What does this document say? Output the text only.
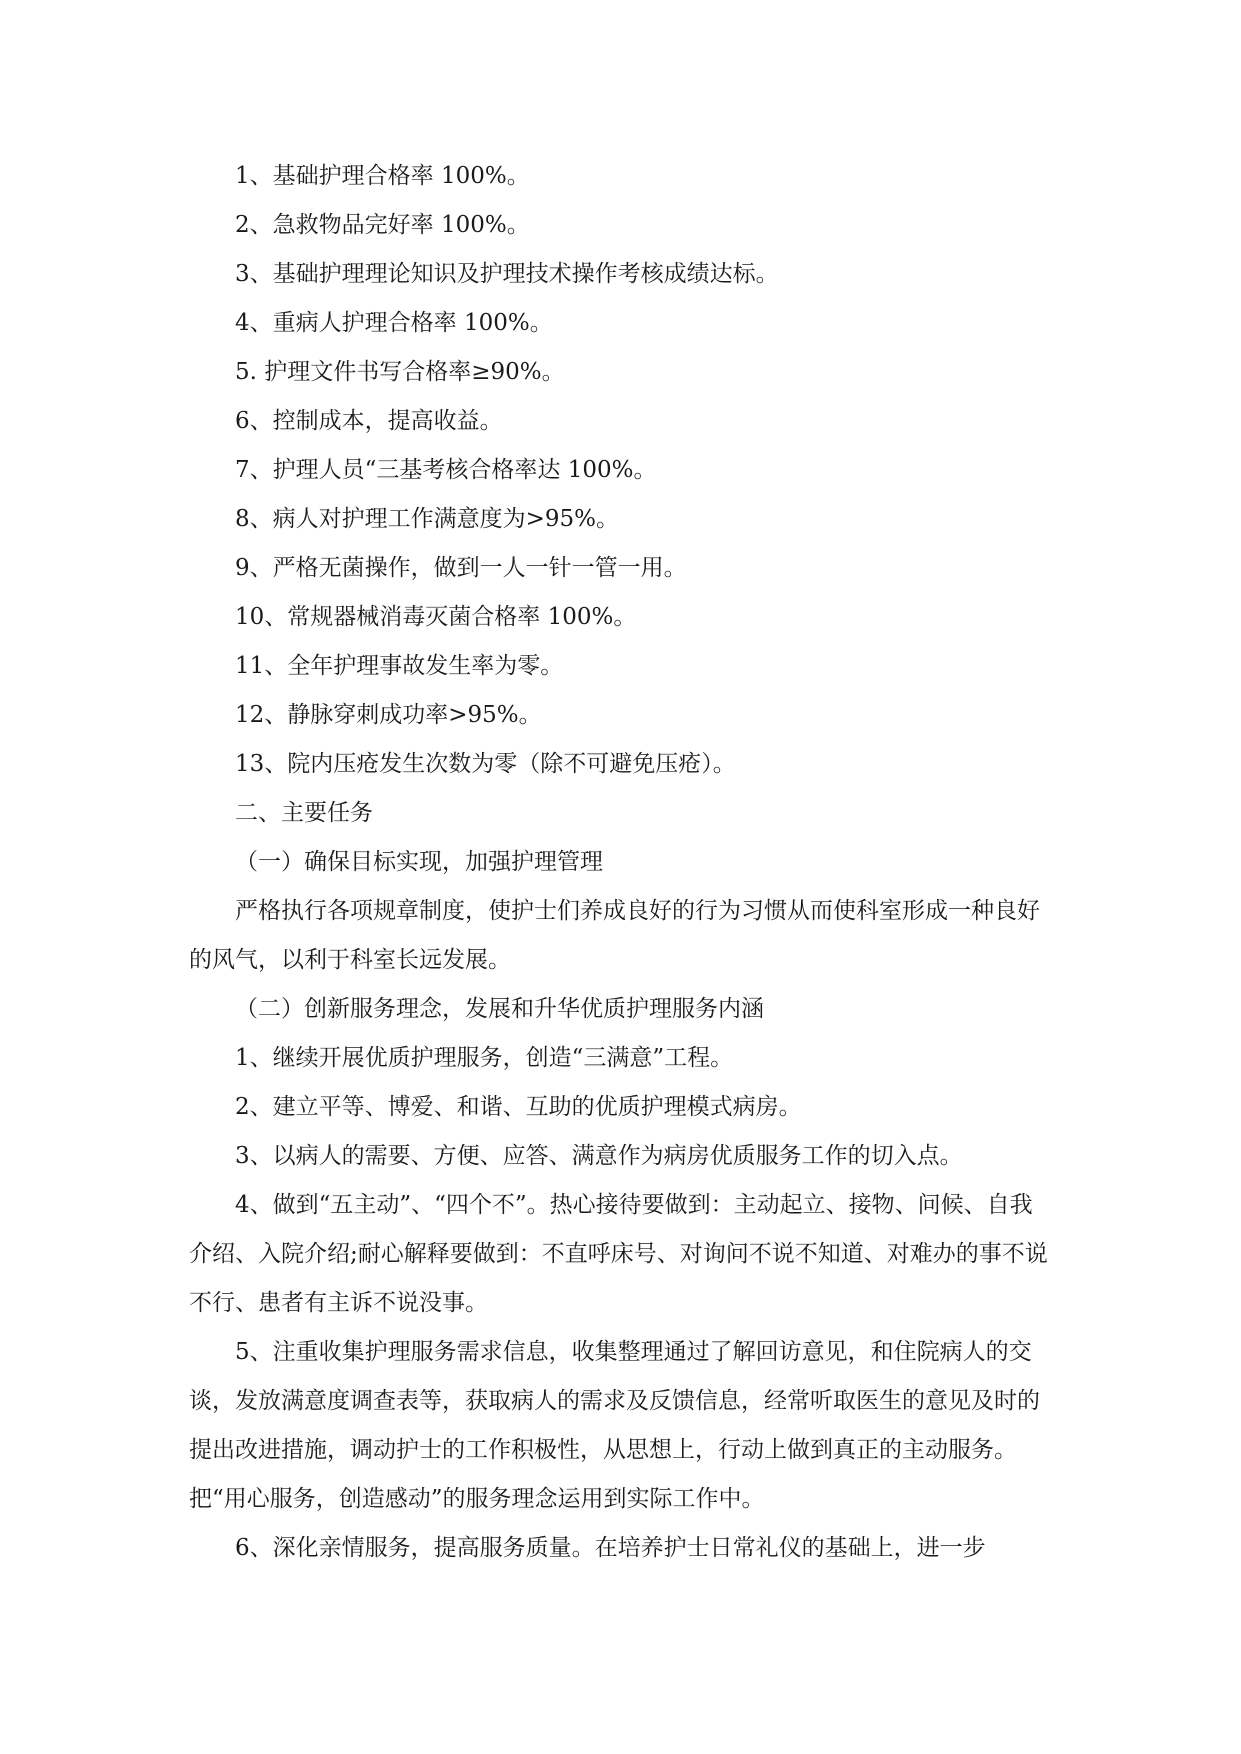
1、基础护理合格率 100%。

2、急救物品完好率 100%。

3、基础护理理论知识及护理技术操作考核成绩达标。

4、重病人护理合格率 100%。

5. 护理文件书写合格率≥90%。

6、控制成本，提高收益。

7、护理人员“三基考核合格率达 100%。

8、病人对护理工作满意度为>95%。

9、严格无菌操作，做到一人一针一管一用。

10、常规器械消毒灭菌合格率 100%。

11、全年护理事故发生率为零。

12、静脉穿刺成功率>95%。

13、院内压疮发生次数为零（除不可避免压疮）。

二、主要任务

（一）确保目标实现，加强护理管理

严格执行各项规章制度，使护士们养成良好的行为习惯从而使科室形成一种良好的风气，以利于科室长远发展。

（二）创新服务理念，发展和升华优质护理服务内涵

1、继续开展优质护理服务，创造“三满意”工程。

2、建立平等、博爱、和谐、互助的优质护理模式病房。

3、以病人的需要、方便、应答、满意作为病房优质服务工作的切入点。

4、做到“五主动”、“四个不”。热心接待要做到：主动起立、接物、问候、自我介绍、入院介绍;耐心解释要做到：不直呼床号、对询问不说不知道、对难办的事不说不行、患者有主诉不说没事。

5、注重收集护理服务需求信息，收集整理通过了解回访意见，和住院病人的交谈，发放满意度调查表等，获取病人的需求及反馈信息，经常听取医生的意见及时的提出改进措施，调动护士的工作积极性，从思想上，行动上做到真正的主动服务。把“用心服务，创造感动”的服务理念运用到实际工作中。

6、深化亲情服务，提高服务质量。在培养护士日常礼仪的基础上，进一步
